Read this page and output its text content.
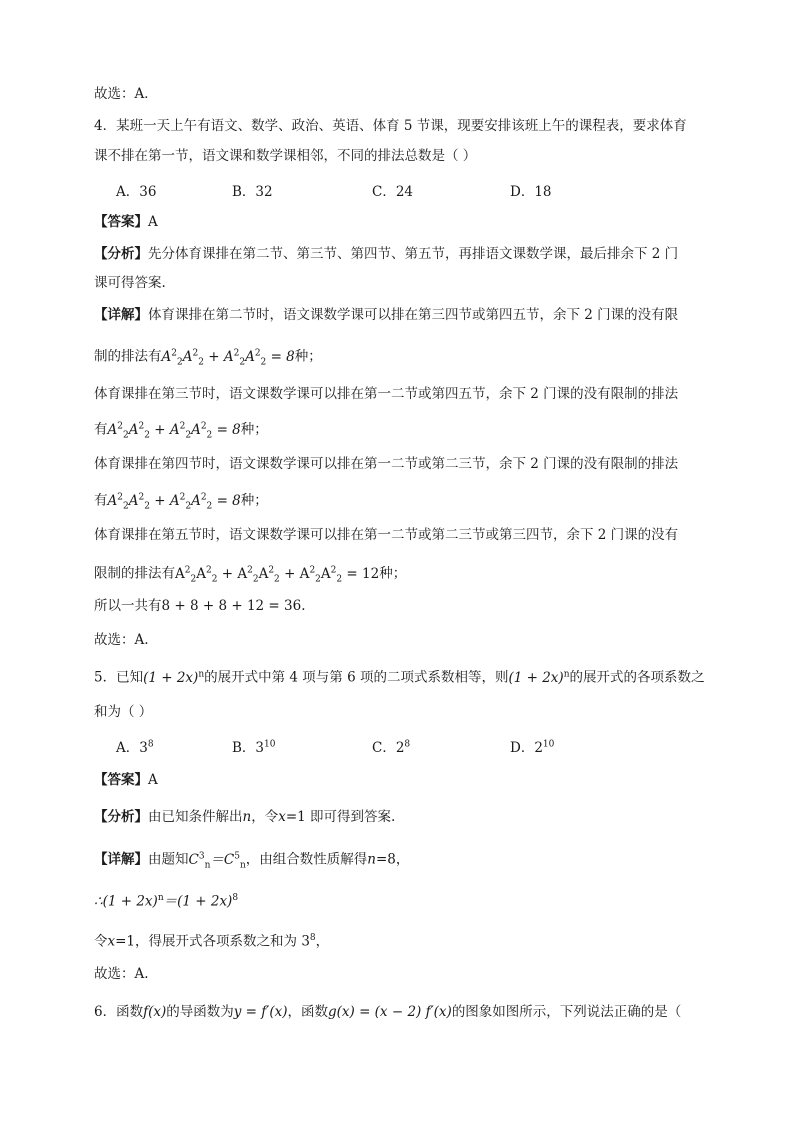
故选：A．
4．某班一天上午有语文、数学、政治、英语、体育 5 节课，现要安排该班上午的课程表，要求体育
课不排在第一节，语文课和数学课相邻，不同的排法总数是（ ）
A．36	B．32	C．24	D．18
【答案】A
【分析】先分体育课排在第二节、第三节、第四节、第五节，再排语文课数学课，最后排余下 2 门
课可得答案.
【详解】体育课排在第二节时，语文课数学课可以排在第三四节或第四五节，余下 2 门课的没有限
制的排法有$A^2_2A^2_2 + A^2_2A^2_2 = 8$种；
体育课排在第三节时，语文课数学课可以排在第一二节或第四五节，余下 2 门课的没有限制的排法
有$A^2_2A^2_2 + A^2_2A^2_2 = 8$种；
体育课排在第四节时，语文课数学课可以排在第一二节或第二三节，余下 2 门课的没有限制的排法
有$A^2_2A^2_2 + A^2_2A^2_2 = 8$种；
体育课排在第五节时，语文课数学课可以排在第一二节或第二三节或第三四节，余下 2 门课的没有
限制的排法有$A^2_2A^2_2 + A^2_2A^2_2 + A^2_2A^2_2 = 12$种；
所以一共有8 + 8 + 8 + 12 = 36.
故选：A.
5．已知$(1 + 2x)^n$的展开式中第 4 项与第 6 项的二项式系数相等，则$(1 + 2x)^n$的展开式的各项系数之
和为（ ）
A．$3^8$	B．$3^{10}$	C．$2^8$	D．$2^{10}$
【答案】A
【分析】由已知条件解出n，令x=1 即可得到答案.
【详解】由题知$C^3_n=C^5_n$，由组合数性质解得n=8，
∴(1 + $2x)^n=(1 + 2x)^8$
令x=1，得展开式各项系数之和为 $3^8$，
故选：A.
6．函数f(x)的导函数为y = f′(x)，函数g(x) = (x − 2) f′(x)的图象如图所示，下列说法正确的是（
